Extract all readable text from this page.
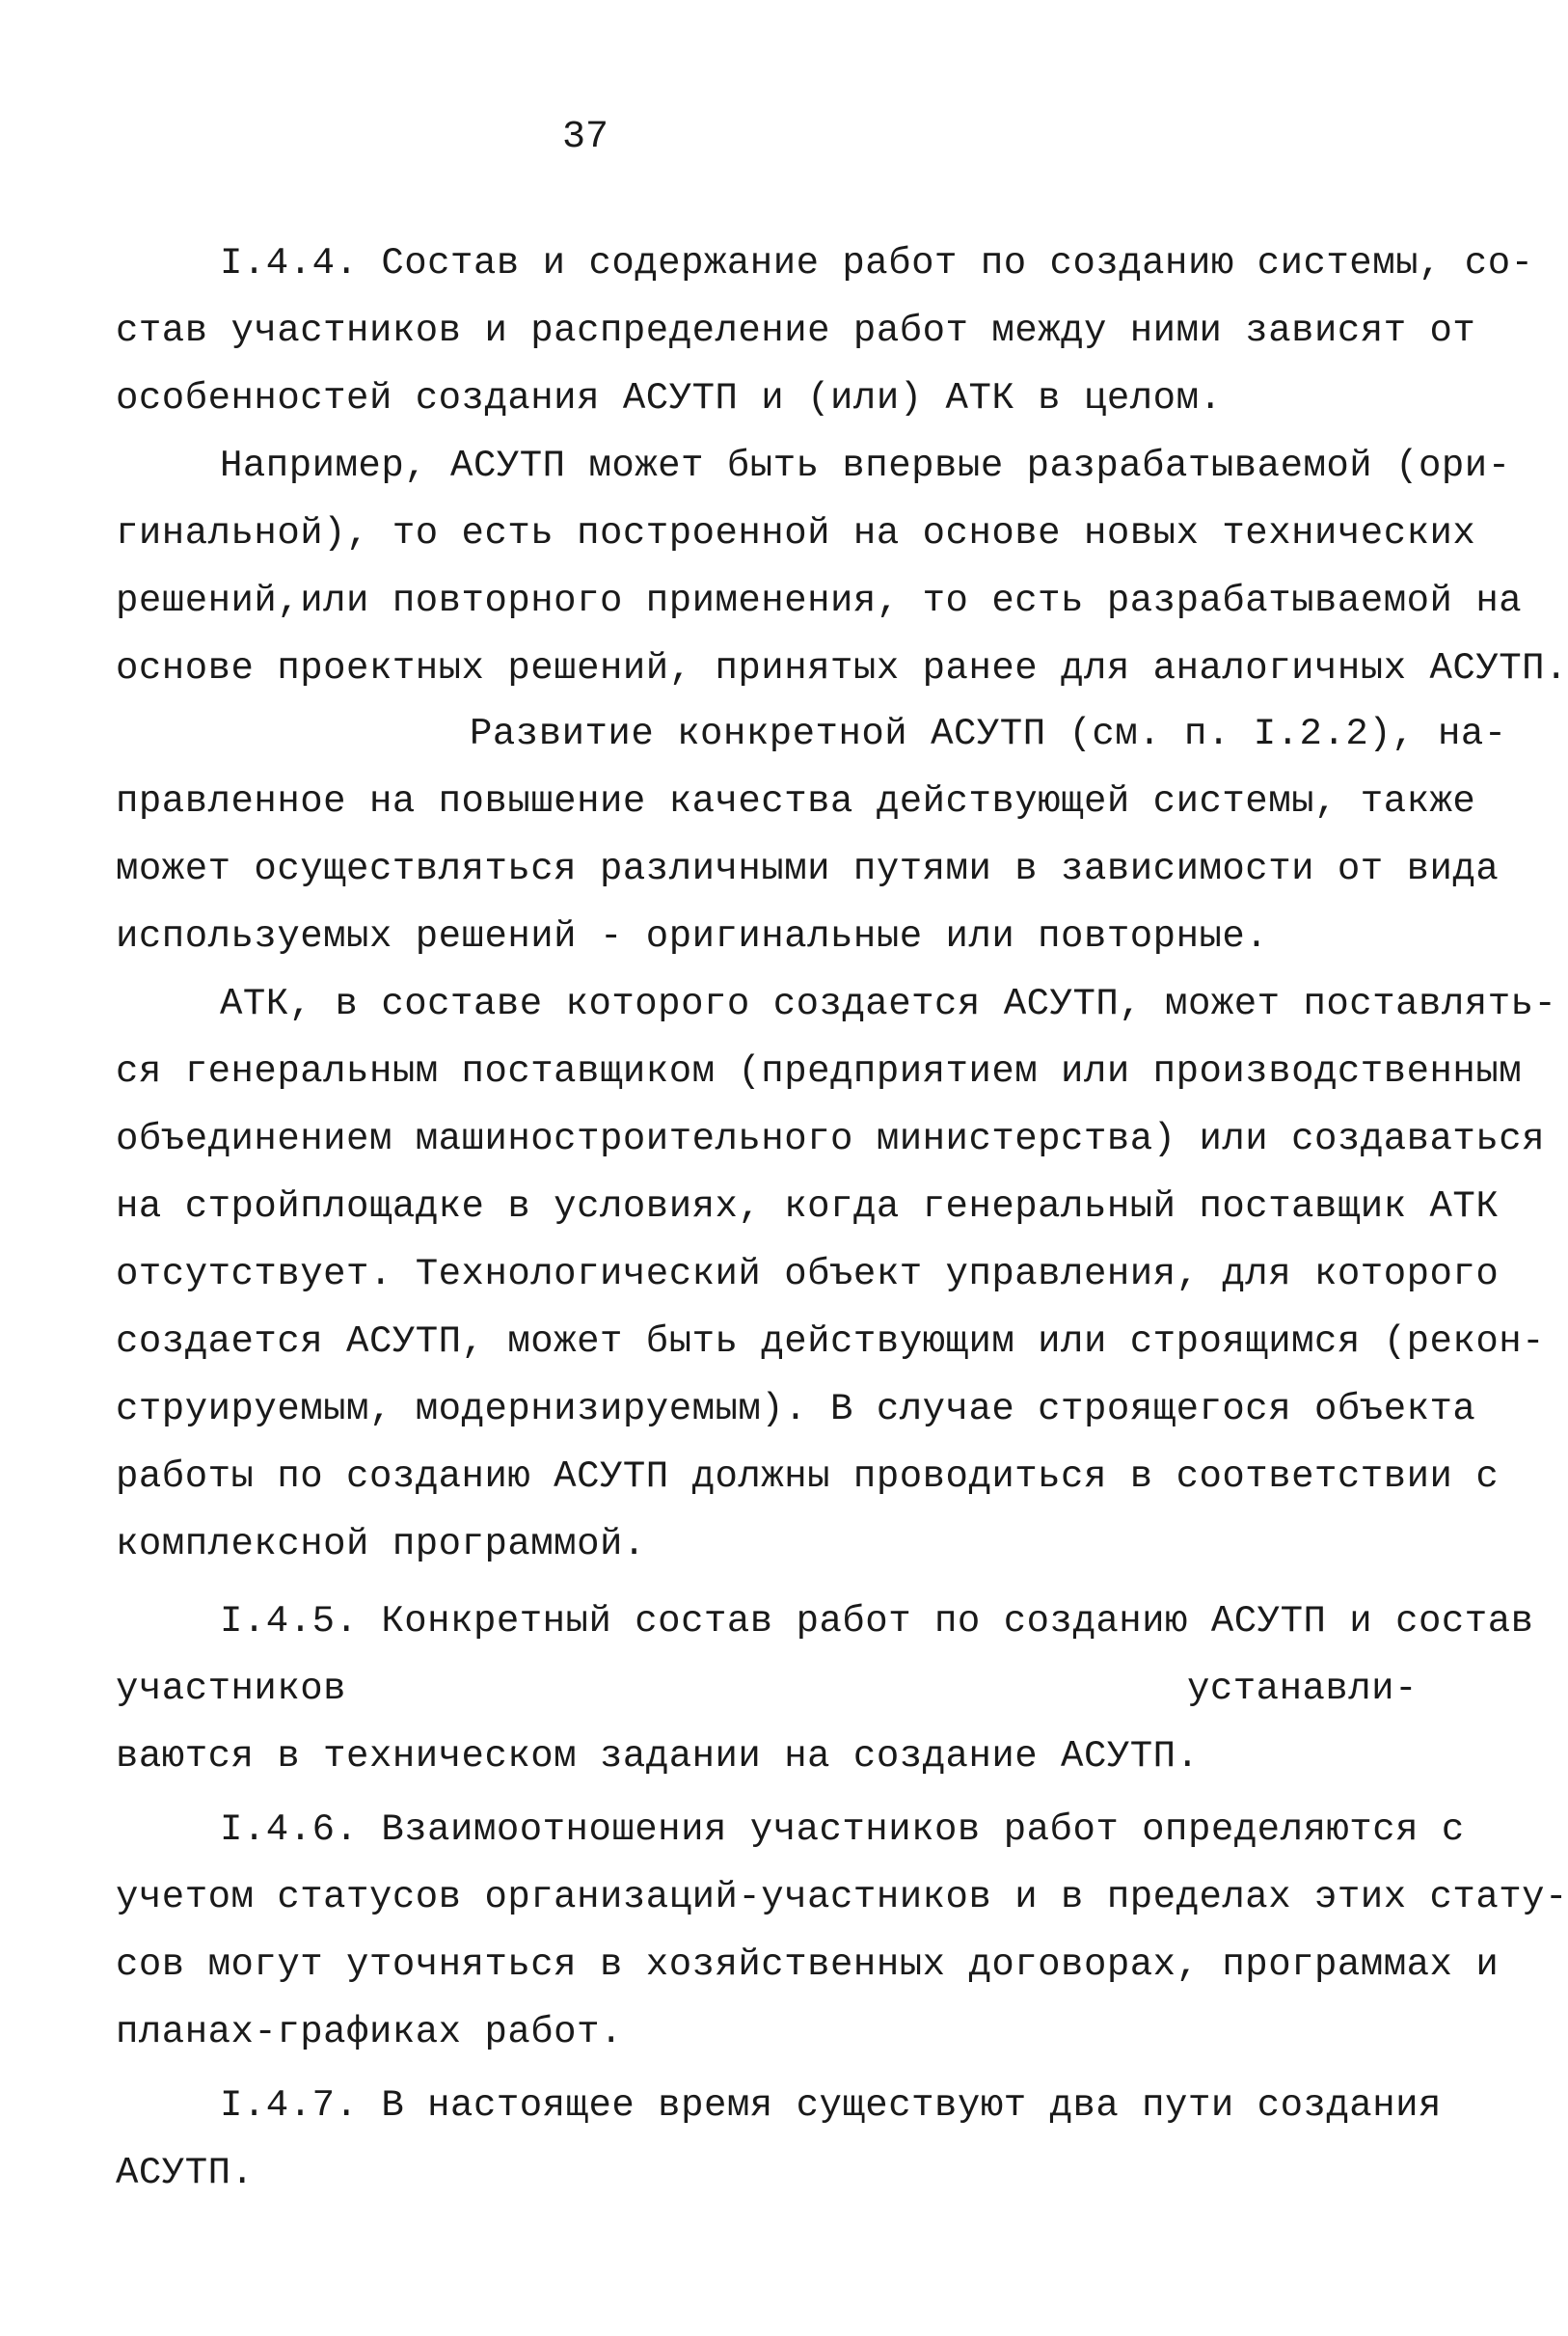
37
I.4.4. Состав и содержание работ по созданию системы, со-
став участников и распределение работ между ними зависят от
особенностей создания АСУТП и (или) АТК в целом.
Например, АСУТП может быть впервые разрабатываемой (ори-
гинальной), то есть построенной на основе новых технических
решений,или повторного применения, то есть разрабатываемой на
основе проектных решений, принятых ранее для аналогичных АСУТП.
Развитие конкретной АСУТП (см. п. I.2.2), на-
правленное на повышение качества действующей системы, также
может осуществляться различными путями в зависимости от вида
используемых решений - оригинальные или повторные.
АТК, в составе которого создается АСУТП, может поставлять-
ся генеральным поставщиком (предприятием или производственным
объединением машиностроительного министерства) или создаваться
на стройплощадке в условиях, когда генеральный поставщик АТК
отсутствует. Технологический объект управления, для которого
создается АСУТП, может быть действующим или строящимся (рекон-
струируемым, модернизируемым). В случае строящегося объекта
работы по созданию АСУТП должны проводиться в соответствии с
комплексной программой.
I.4.5. Конкретный состав работ по созданию АСУТП и состав
участников	устанавли-
ваются в техническом задании на создание АСУТП.
I.4.6. Взаимоотношения участников работ определяются с
учетом статусов организаций-участников и в пределах этих стату-
сов могут уточняться в хозяйственных договорах, программах и
планах-графиках работ.
I.4.7. В настоящее время существуют два пути создания
АСУТП.
